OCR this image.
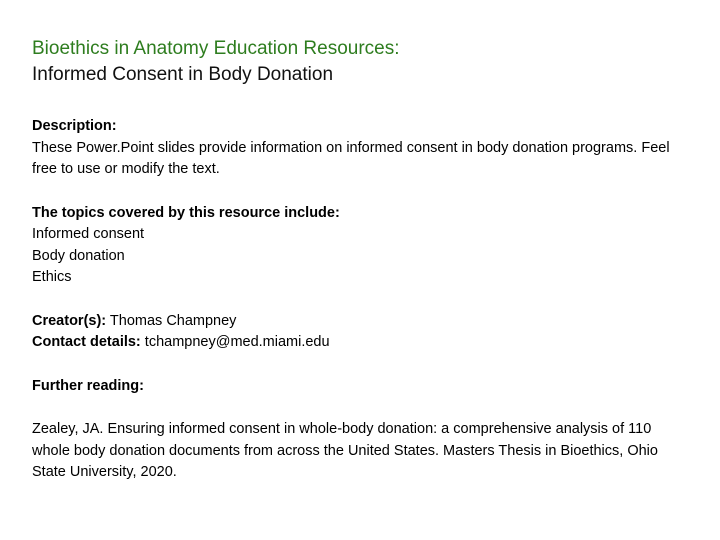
Bioethics in Anatomy Education Resources:
Informed Consent in Body Donation
Description:
These Power.Point slides provide information on informed consent in body donation programs. Feel free to use or modify the text.
The topics covered by this resource include:
Informed consent
Body donation
Ethics
Creator(s): Thomas Champney
Contact details: tchampney@med.miami.edu
Further reading:
Zealey, JA. Ensuring informed consent in whole-body donation: a comprehensive analysis of 110 whole body donation documents from across the United States. Masters Thesis in Bioethics, Ohio State University, 2020.
